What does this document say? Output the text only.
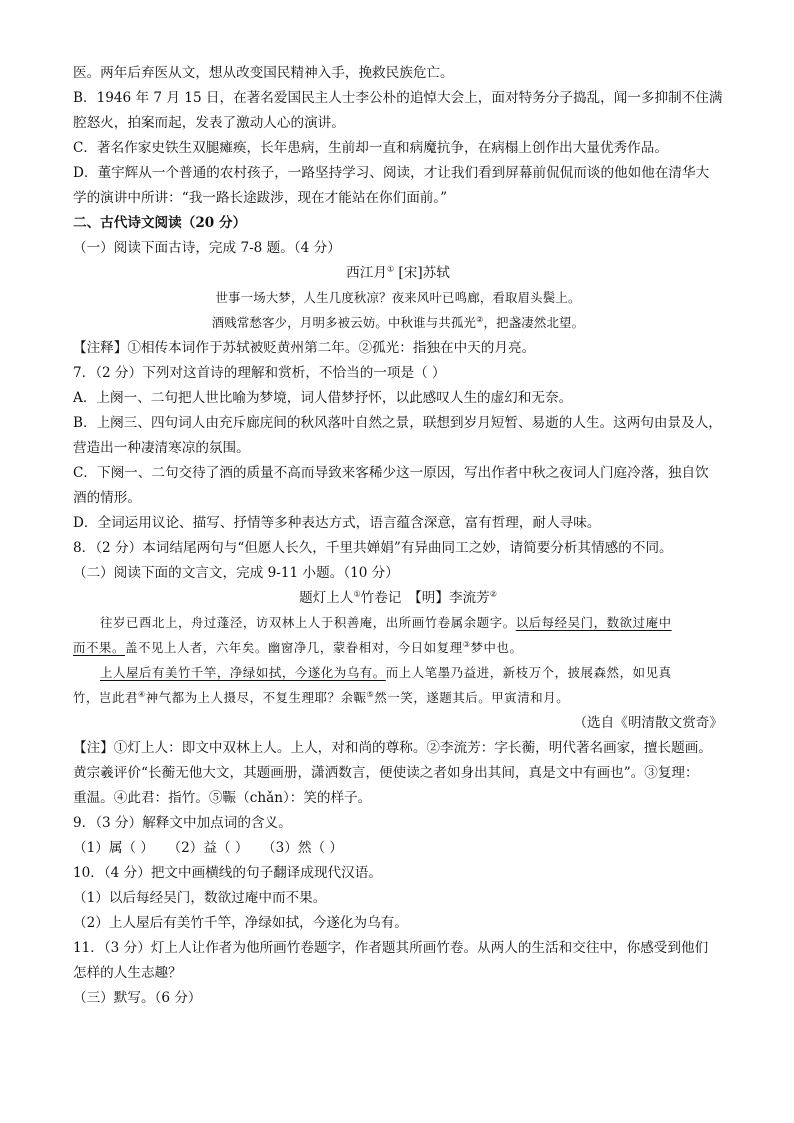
医。两年后弃医从文，想从改变国民精神入手，挽救民族危亡。
B．1946 年 7 月 15 日，在著名爱国民主人士李公朴的追悼大会上，面对特务分子捣乱，闻一多抑制不住满
腔怒火，拍案而起，发表了激动人心的演讲。
C．著名作家史铁生双腿瘫痪，长年患病，生前却一直和病魔抗争，在病榻上创作出大量优秀作品。
D．董宇辉从一个普通的农村孩子，一路坚持学习、阅读，才让我们看到屏幕前侃侃而谈的他如他在清华大
学的演讲中所讲：“我一路长途跋涉，现在才能站在你们面前。”
二、古代诗文阅读（20 分）
（一）阅读下面古诗，完成 7-8 题。（4 分）
西江月① [宋]苏轼
世事一场大梦，人生几度秋凉？夜来风叶已鸣廊，看取眉头鬓上。
酒贱常愁客少，月明多被云妨。中秋谁与共孤光②，把盏凄然北望。
【注释】①相传本词作于苏轼被贬黄州第二年。②孤光：指独在中天的月亮。
7．（2 分）下列对这首诗的理解和赏析，不恰当的一项是（ ）
A．上阕一、二句把人世比喻为梦境，词人借梦抒怀，以此感叹人生的虚幻和无奈。
B．上阕三、四句词人由充斥廊庑间的秋风落叶自然之景，联想到岁月短暂、易逝的人生。这两句由景及人，
营造出一种凄清寒凉的氛围。
C．下阕一、二句交待了酒的质量不高而导致来客稀少这一原因，写出作者中秋之夜词人门庭冷落，独自饮
酒的情形。
D．全词运用议论、描写、抒情等多种表达方式，语言蕴含深意，富有哲理，耐人寻味。
8．（2 分）本词结尾两句与“但愿人长久，千里共婵娟”有异曲同工之妙，请简要分析其情感的不同。
（二）阅读下面的文言文，完成 9-11 小题。（10 分）
题灯上人①竹卷记　【明】李流芳②
往岁已酉北上，舟过蓬泾，访双林上人于积善庵，出所画竹卷属余题字。以后每经吴门，数欲过庵中
而不果。盖不见上人者，六年矣。幽窗净几，蒙眷相对，今日如复理③梦中也。
上人屋后有美竹千竿，净绿如拭，今遂化为乌有。而上人笔墨乃益进，新枝万个，披展森然，如见真
竹，岂此君④神气都为上人摄尽，不复生理耶？余辴⑤然一笑，遂题其后。甲寅清和月。
（选自《明清散文赏奇》
【注】①灯上人：即文中双林上人。上人，对和尚的尊称。②李流芳：字长蘅，明代著名画家，擅长题画。
黄宗羲评价“长蘅无他大文，其题画册，潇洒数言，便使读之者如身出其间，真是文中有画也”。③复理：
重温。④此君：指竹。⑤辴（chǎn）：笑的样子。
9．（3 分）解释文中加点词的含义。
（1）属（ ）　　（2）益（ ）　　（3）然（ ）
10．（4 分）把文中画横线的句子翻译成现代汉语。
（1）以后每经吴门，数欲过庵中而不果。
（2）上人屋后有美竹千竿，净绿如拭，今遂化为乌有。
11．（3 分）灯上人让作者为他所画竹卷题字，作者题其所画竹卷。从两人的生活和交往中，你感受到他们
怎样的人生志趣？
（三）默写。（6 分）
